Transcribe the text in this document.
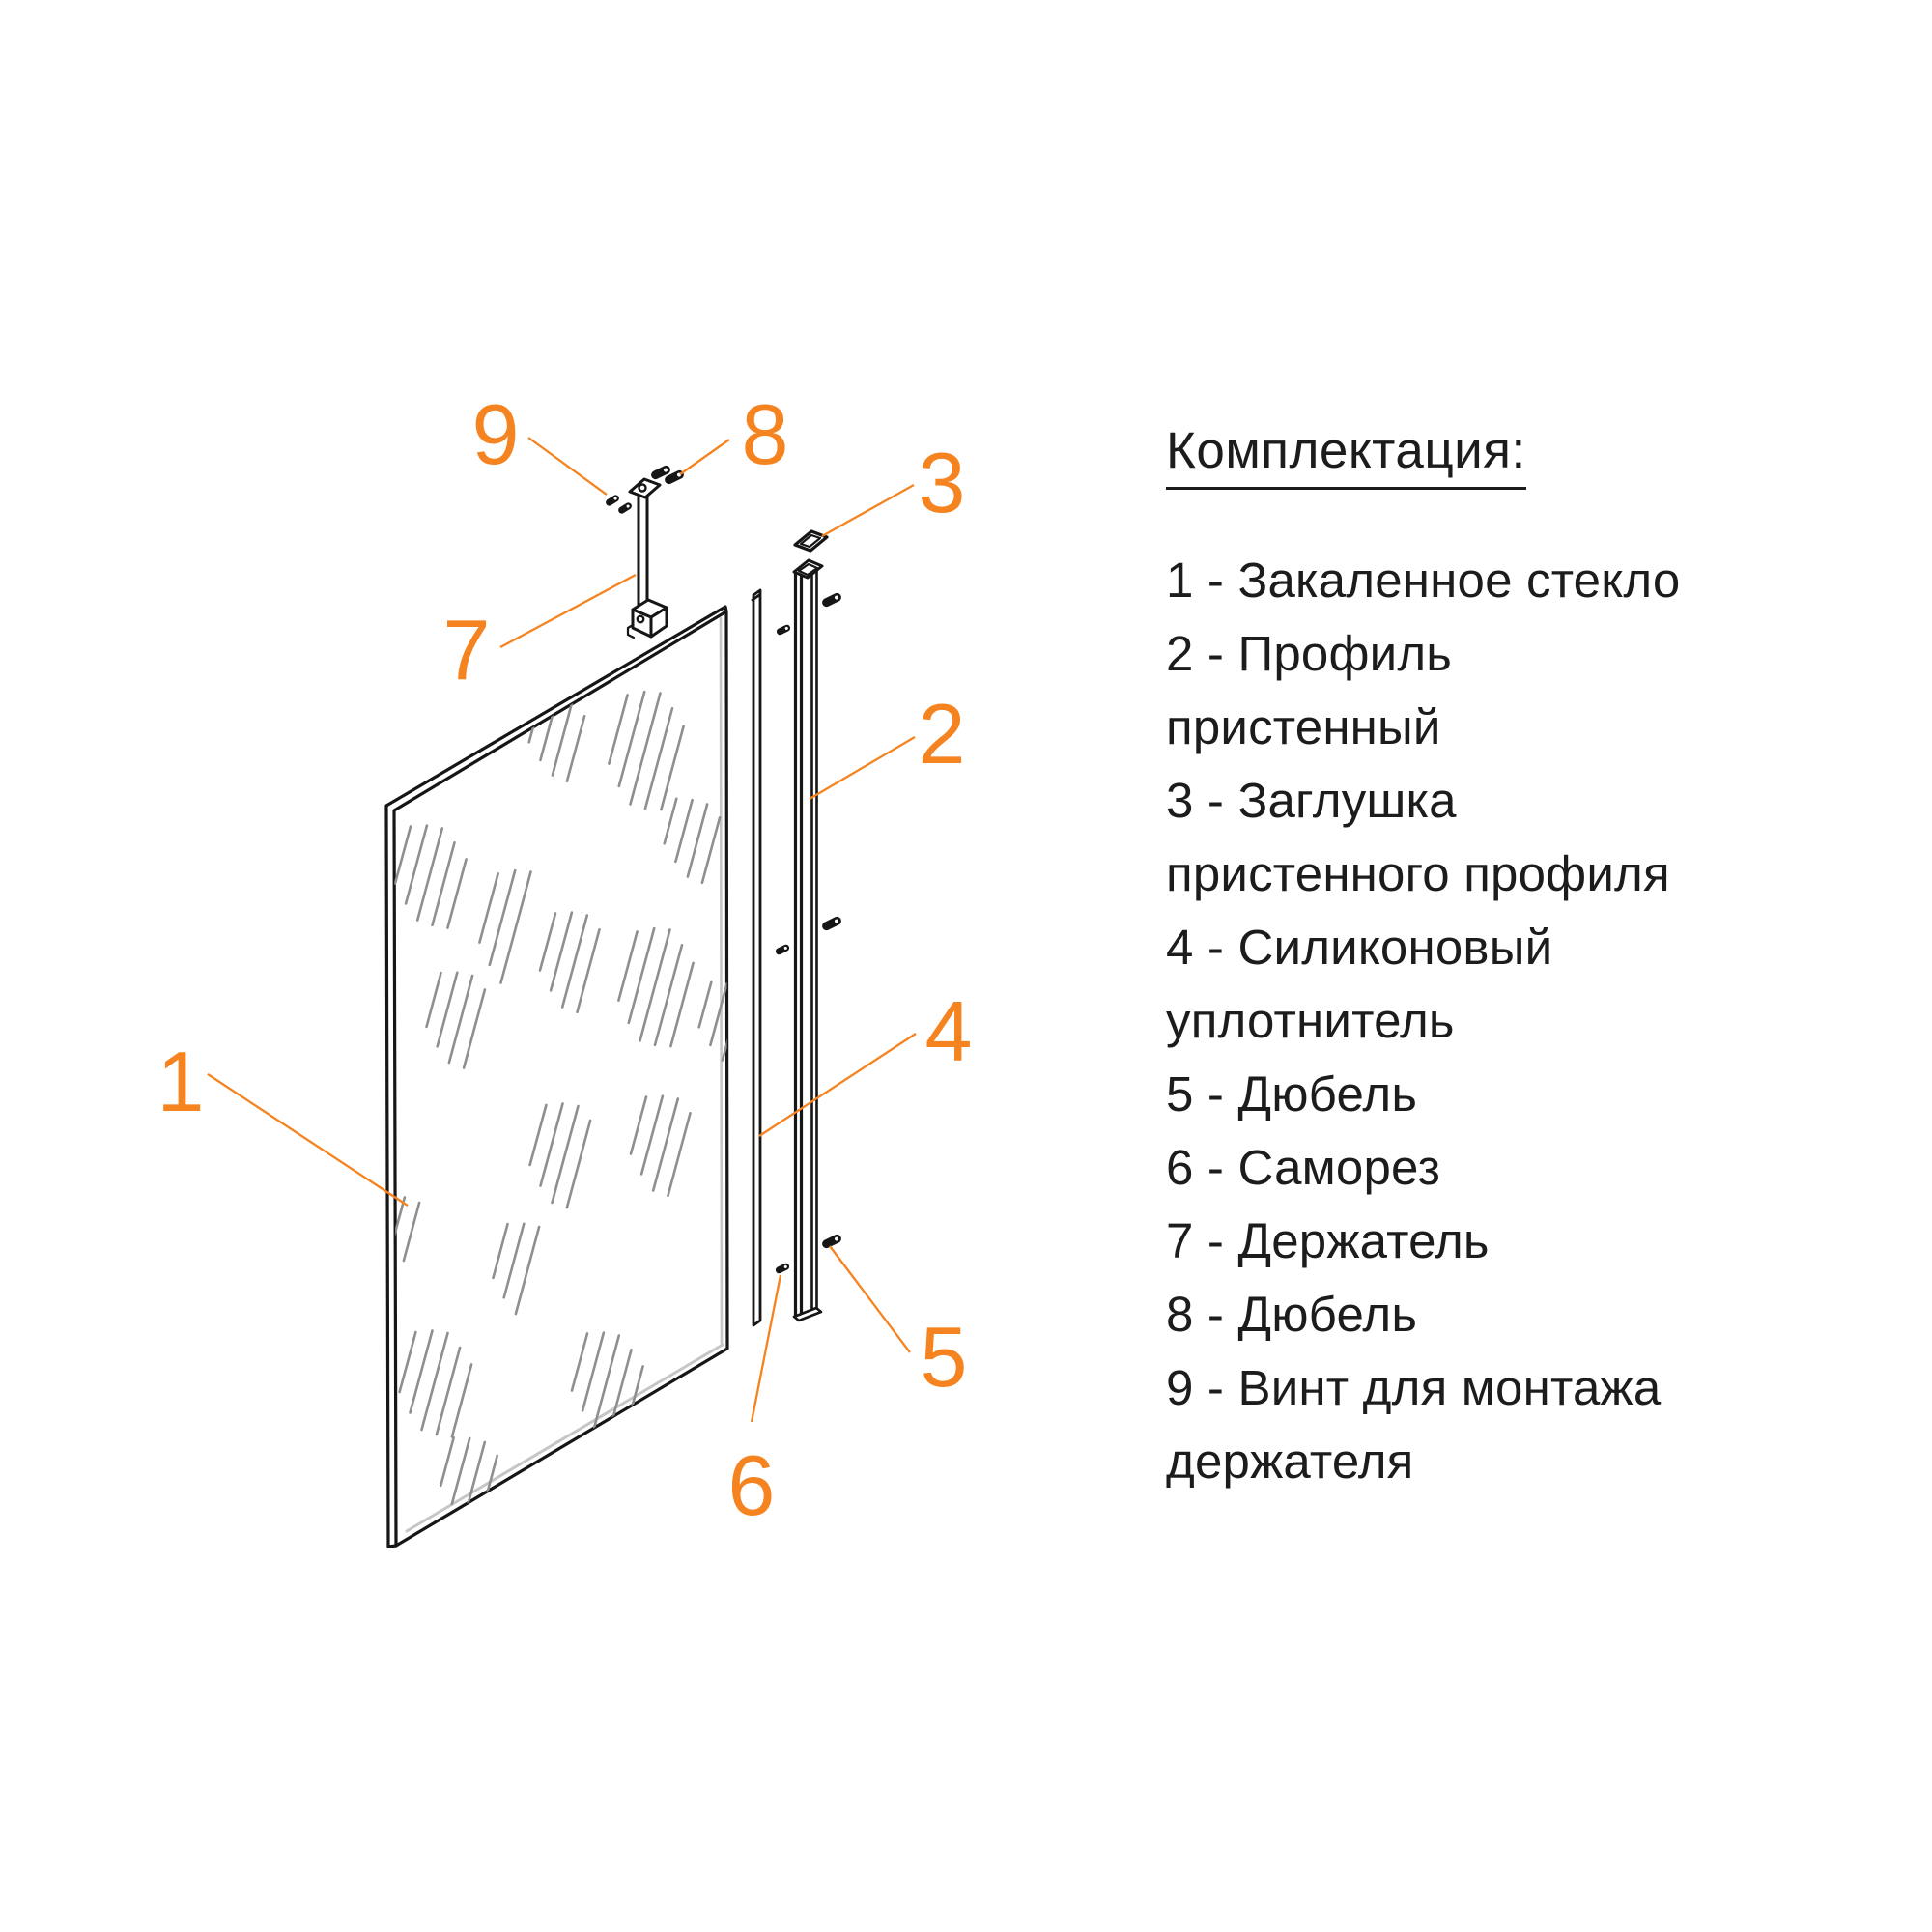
1
2
3
4
5
6
7
8
9	Комплектация:
1 - Закаленное стекло
2 - Профиль
пристенный
3 - Заглушка
пристенного профиля
4 - Силиконовый
уплотнитель
5 - Дюбель
6 - Саморез
7 - Держатель
8 - Дюбель
9 - Винт для монтажа
держателя
